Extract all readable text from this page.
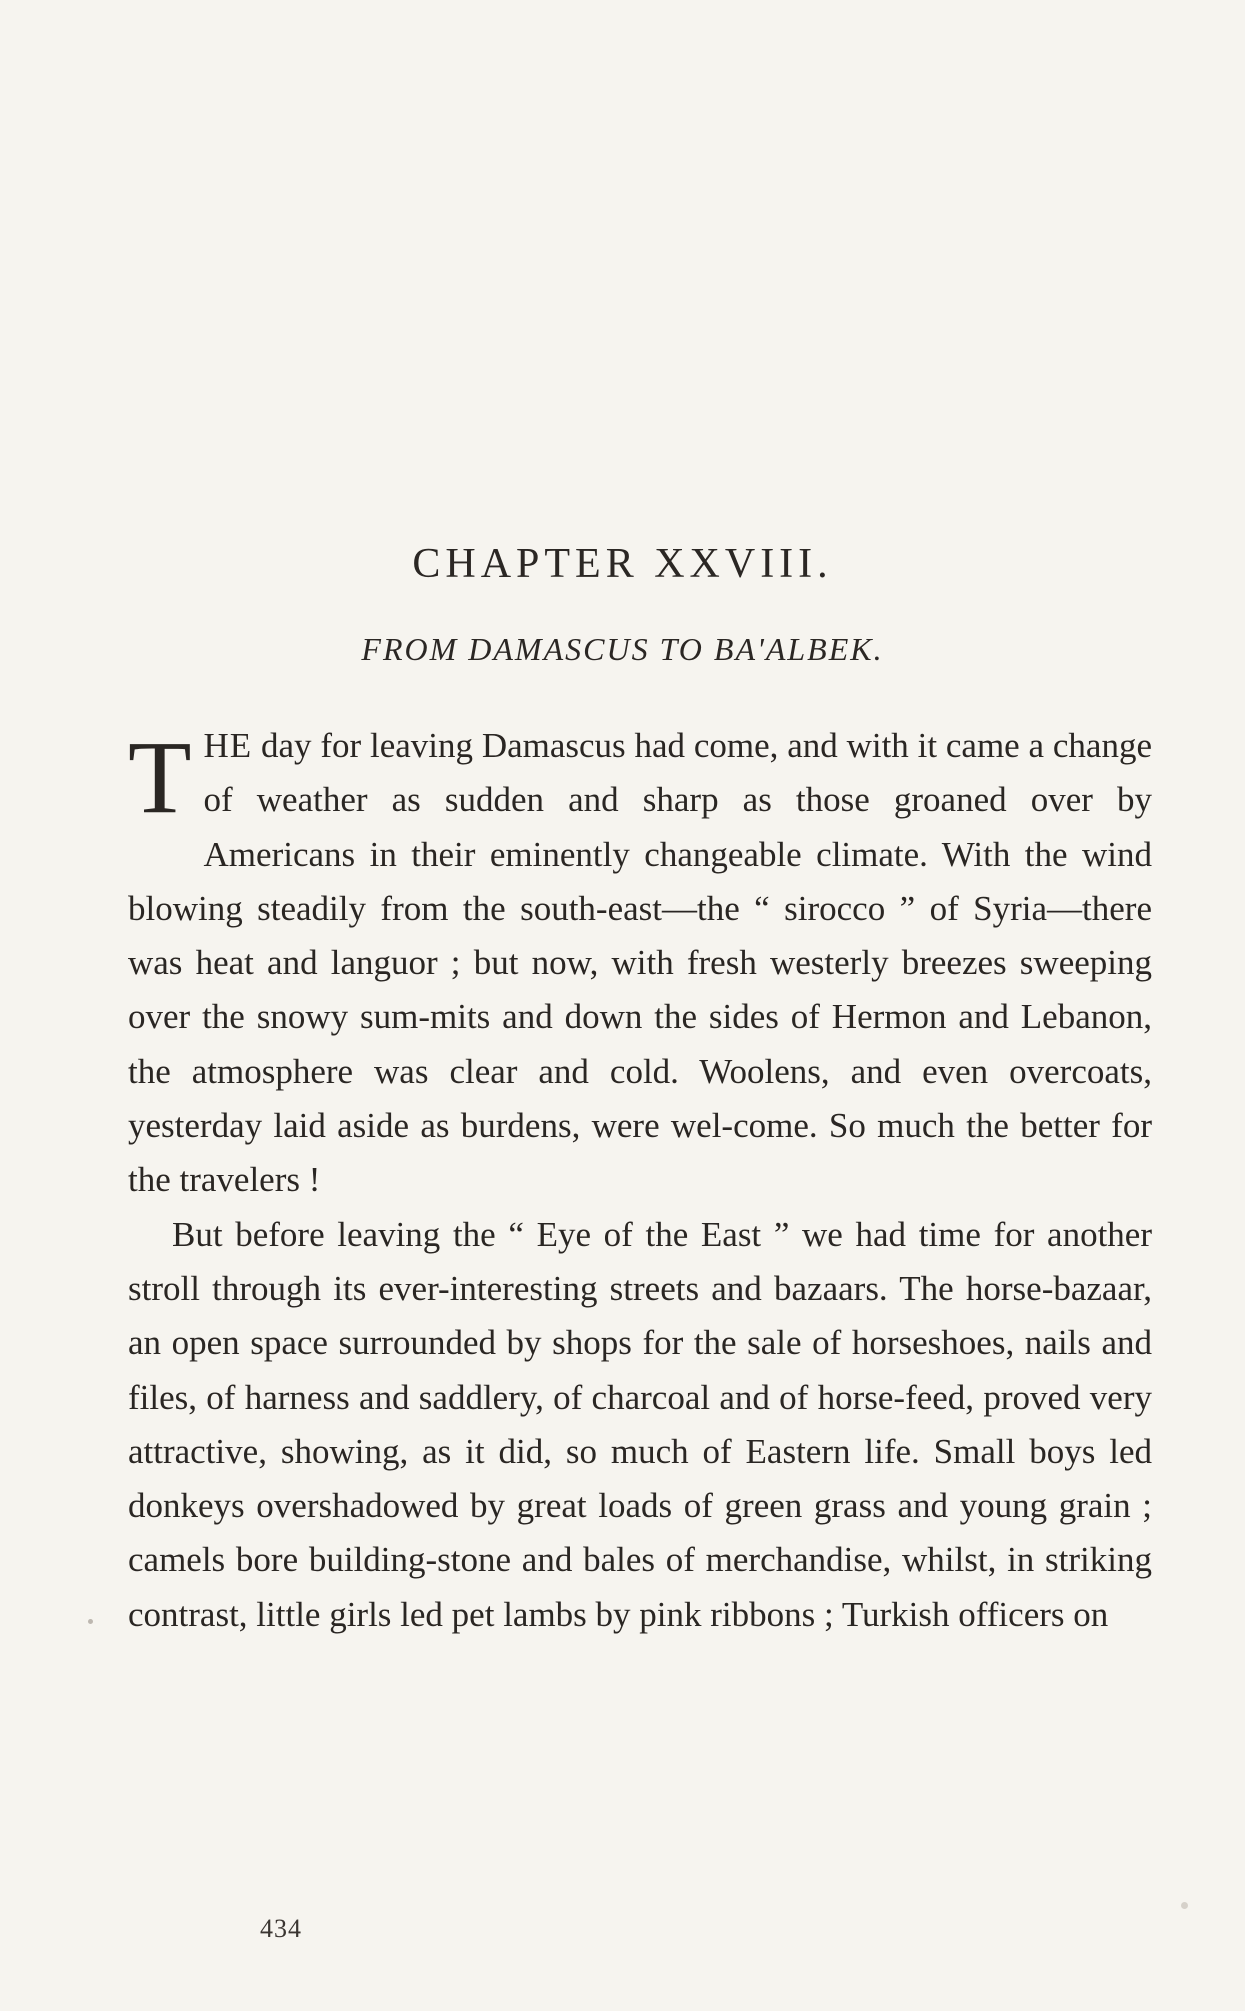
CHAPTER XXVIII.
FROM DAMASCUS TO BA'ALBEK.

THE day for leaving Damascus had come, and with it came a change of weather as sudden and sharp as those groaned over by Americans in their eminently changeable climate. With the wind blowing steadily from the south-east—the “ sirocco ” of Syria—there was heat and languor ; but now, with fresh westerly breezes sweeping over the snowy sum-mits and down the sides of Hermon and Lebanon, the atmosphere was clear and cold. Woolens, and even overcoats, yesterday laid aside as burdens, were wel-come. So much the better for the travelers !

But before leaving the “ Eye of the East ” we had time for another stroll through its ever-interesting streets and bazaars. The horse-bazaar, an open space surrounded by shops for the sale of horseshoes, nails and files, of harness and saddlery, of charcoal and of horse-feed, proved very attractive, showing, as it did, so much of Eastern life. Small boys led donkeys overshadowed by great loads of green grass and young grain ; camels bore building-stone and bales of merchandise, whilst, in striking contrast, little girls led pet lambs by pink ribbons ; Turkish officers on

434
